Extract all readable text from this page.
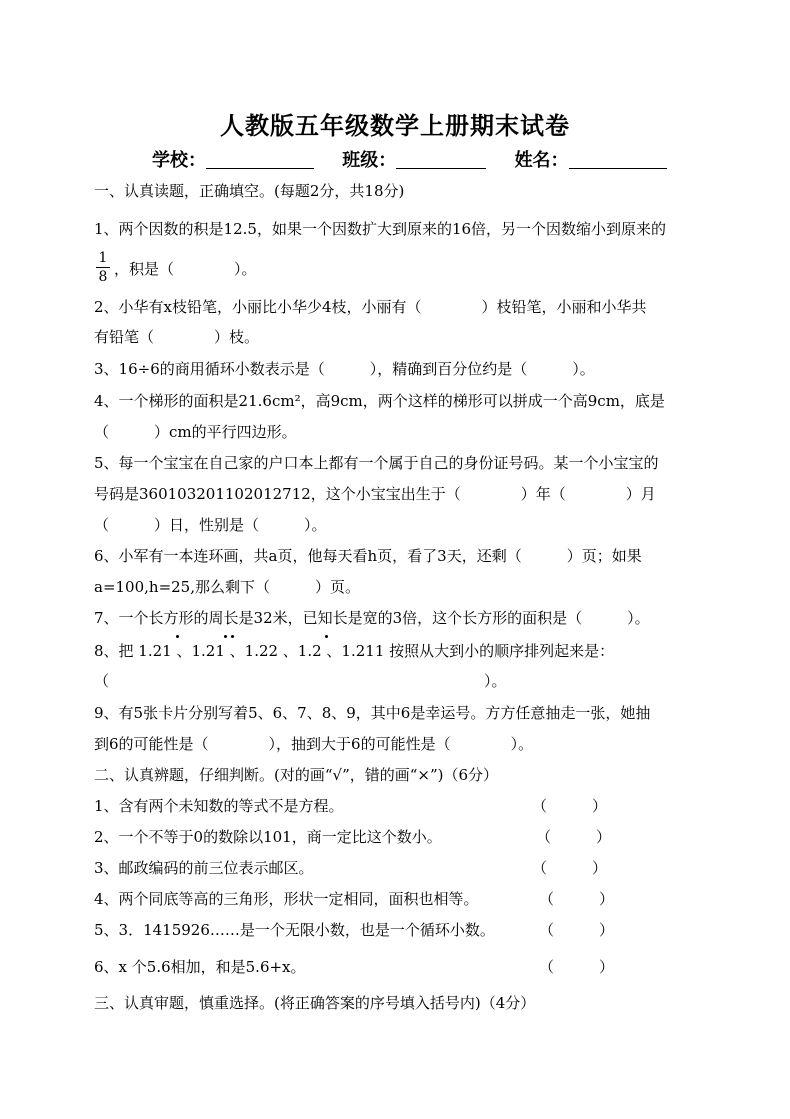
人教版五年级数学上册期末试卷
学校：	班级：	姓名：
一、认真读题，正确填空。(每题2分，共18分)
1、两个因数的积是12.5，如果一个因数扩大到原来的16倍，另一个因数缩小到原来的
1
8 ，积是（　　　　）。
2、小华有x枝铅笔，小丽比小华少4枝，小丽有（　　　　）枝铅笔，小丽和小华共
有铅笔（　　　　）枝。
3、16÷6的商用循环小数表示是（　　　），精确到百分位约是（　　　）。
4、一个梯形的面积是21.6cm²，高9cm，两个这样的梯形可以拼成一个高9cm，底是
（　　　）cm的平行四边形。
5、每一个宝宝在自己家的户口本上都有一个属于自己的身份证号码。某一个小宝宝的
号码是360103201102012712，这个小宝宝出生于（　　　　）年（　　　　）月
（　　　）日，性别是（　　　）。
6、小军有一本连环画，共a页，他每天看h页，看了3天，还剩（　　　）页；如果
a=100,h=25,那么剩下（　　　）页。
7、一个长方形的周长是32米，已知长是宽的3倍，这个长方形的面积是（　　　）。
8、把 1.21 、1.21 、1.22 、1.2 、1.211 按照从大到小的顺序排列起来是：
（　　　　　　　　　　　　　　　　　　　　　　　　　）。
9、有5张卡片分别写着5、6、7、8、9，其中6是幸运号。方方任意抽走一张，她抽
到6的可能性是（　　　　），抽到大于6的可能性是（　　　　）。
二、认真辨题，仔细判断。(对的画“√”，错的画“×”)（6分）
1、含有两个未知数的等式不是方程。	（　　　）
2、一个不等于0的数除以101，商一定比这个数小。	（　　　）
3、邮政编码的前三位表示邮区。	（　　　）
4、两个同底等高的三角形，形状一定相同，面积也相等。	（　　　）
5、3．1415926……是一个无限小数，也是一个循环小数。	（　　　）
6、x 个5.6相加，和是5.6+x。	（　　　）
三、认真审题，慎重选择。(将正确答案的序号填入括号内)（4分）
